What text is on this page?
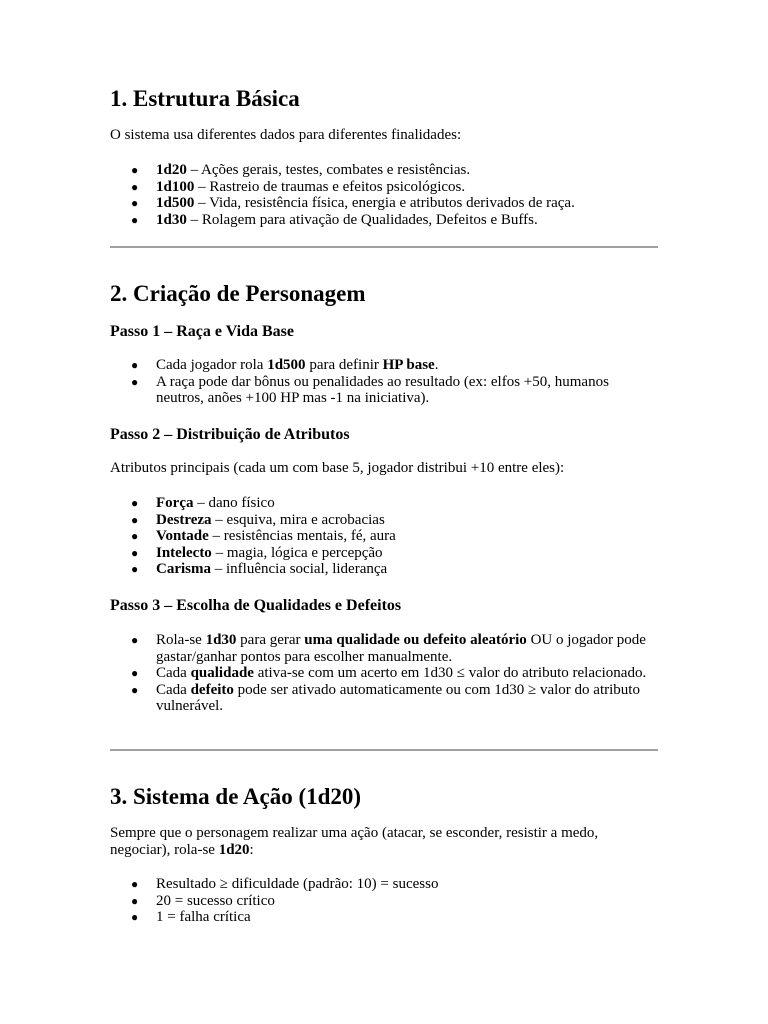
1. Estrutura Básica

O sistema usa diferentes dados para diferentes finalidades:

● 1d20 – Ações gerais, testes, combates e resistências.
● 1d100 – Rastreio de traumas e efeitos psicológicos.
● 1d500 – Vida, resistência física, energia e atributos derivados de raça.
● 1d30 – Rolagem para ativação de Qualidades, Defeitos e Buffs.
2. Criação de Personagem
Passo 1 – Raça e Vida Base
● Cada jogador rola 1d500 para definir HP base.
● A raça pode dar bônus ou penalidades ao resultado (ex: elfos +50, humanos neutros, anões +100 HP mas -1 na iniciativa).
Passo 2 – Distribuição de Atributos

Atributos principais (cada um com base 5, jogador distribui +10 entre eles):

● Força – dano físico
● Destreza – esquiva, mira e acrobacias
● Vontade – resistências mentais, fé, aura
● Intelecto – magia, lógica e percepção
● Carisma – influência social, liderança
Passo 3 – Escolha de Qualidades e Defeitos
● Rola-se 1d30 para gerar uma qualidade ou defeito aleatório OU o jogador pode gastar/ganhar pontos para escolher manualmente.
● Cada qualidade ativa-se com um acerto em 1d30 ≤ valor do atributo relacionado.
● Cada defeito pode ser ativado automaticamente ou com 1d30 ≥ valor do atributo vulnerável.
3. Sistema de Ação (1d20)

Sempre que o personagem realizar uma ação (atacar, se esconder, resistir a medo, negociar), rola-se 1d20:

● Resultado ≥ dificuldade (padrão: 10) = sucesso
● 20 = sucesso crítico
● 1 = falha crítica
